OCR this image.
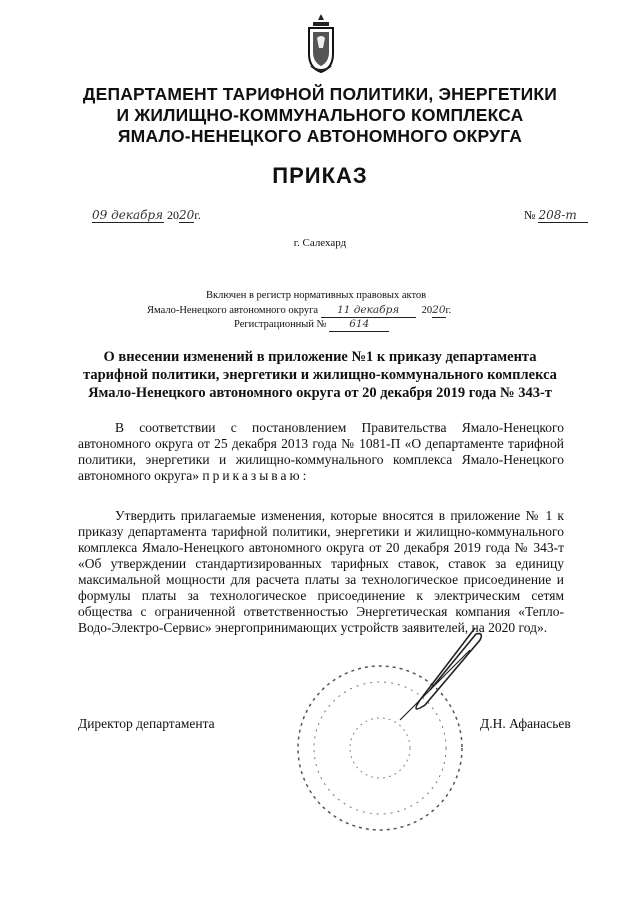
ДЕПАРТАМЕНТ ТАРИФНОЙ ПОЛИТИКИ, ЭНЕРГЕТИКИ
И ЖИЛИЩНО-КОММУНАЛЬНОГО КОМПЛЕКСА
ЯМАЛО-НЕНЕЦКОГО АВТОНОМНОГО ОКРУГА
ПРИКАЗ
09 декабря 2020г.	№ 208-т
г. Салехард
Включен в регистр нормативных правовых актов
Ямало-Ненецкого автономного округа 11 декабря 2020г.
Регистрационный № 614
О внесении изменений в приложение №1 к приказу департамента
тарифной политики, энергетики и жилищно-коммунального комплекса
Ямало-Ненецкого автономного округа от 20 декабря 2019 года № 343-т
В соответствии с постановлением Правительства Ямало-Ненецкого автономного округа от 25 декабря 2013 года № 1081-П «О департаменте тарифной политики, энергетики и жилищно-коммунального комплекса Ямало-Ненецкого автономного округа» приказываю:
Утвердить прилагаемые изменения, которые вносятся в приложение № 1 к приказу департамента тарифной политики, энергетики и жилищно-коммунального комплекса Ямало-Ненецкого автономного округа от 20 декабря 2019 года № 343-т «Об утверждении стандартизированных тарифных ставок, ставок за единицу максимальной мощности для расчета платы за технологическое присоединение и формулы платы за технологическое присоединение к электрическим сетям общества с ограниченной ответственностью Энергетическая компания «Тепло-Водо-Электро-Сервис» энергопринимающих устройств заявителей, на 2020 год».
Директор департамента	Д.Н. Афанасьев
